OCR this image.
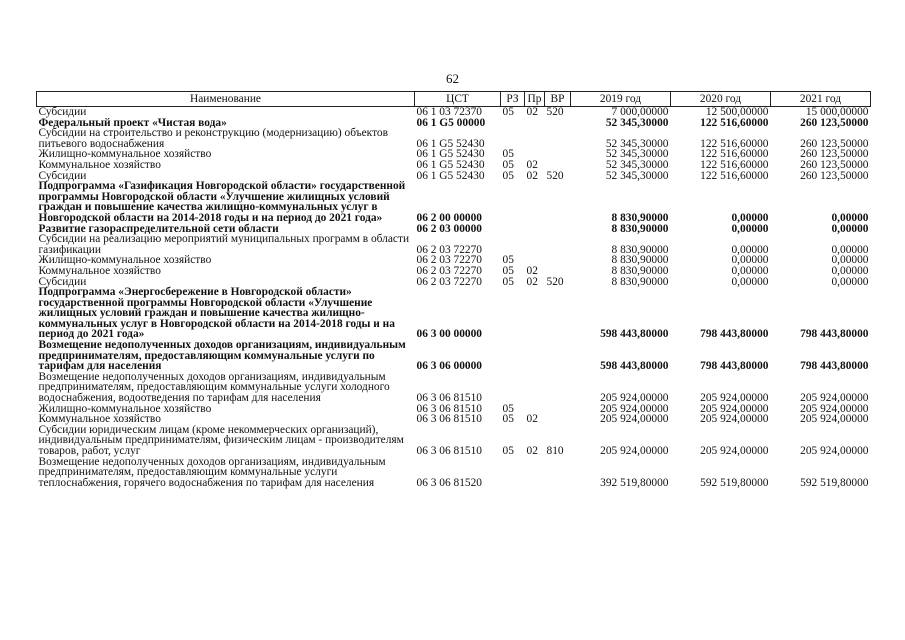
62
Наименование	ЦСТ	РЗ	Пр	ВР	2019 год	2020 год	2021 год
Субсидии	06 1 03 72370	05	02	520	7 000,00000	12 500,00000	15 000,00000
Федеральный проект «Чистая вода»	06 1 G5 00000				52 345,30000	122 516,60000	260 123,50000
Субсидии на строительство и реконструкцию (модернизацию) объектов питьевого водоснабжения	06 1 G5 52430				52 345,30000	122 516,60000	260 123,50000
Жилищно-коммунальное хозяйство	06 1 G5 52430	05			52 345,30000	122 516,60000	260 123,50000
Коммунальное хозяйство	06 1 G5 52430	05	02		52 345,30000	122 516,60000	260 123,50000
Субсидии	06 1 G5 52430	05	02	520	52 345,30000	122 516,60000	260 123,50000
Подпрограмма «Газификация Новгородской области» государственной программы Новгородской области «Улучшение жилищных условий граждан и повышение качества жилищно-коммунальных услуг в Новгородской области на 2014-2018 годы и на период до 2021 года»	06 2 00 00000				8 830,90000	0,00000	0,00000
Развитие газораспределительной сети области	06 2 03 00000				8 830,90000	0,00000	0,00000
Субсидии на реализацию мероприятий муниципальных программ в области газификации	06 2 03 72270				8 830,90000	0,00000	0,00000
Жилищно-коммунальное хозяйство	06 2 03 72270	05			8 830,90000	0,00000	0,00000
Коммунальное хозяйство	06 2 03 72270	05	02		8 830,90000	0,00000	0,00000
Субсидии	06 2 03 72270	05	02	520	8 830,90000	0,00000	0,00000
Подпрограмма «Энергосбережение в Новгородской области» государственной программы Новгородской области «Улучшение жилищных условий граждан и повышение качества жилищно-коммунальных услуг в Новгородской области на 2014-2018 годы и на период до 2021 года»	06 3 00 00000				598 443,80000	798 443,80000	798 443,80000
Возмещение недополученных доходов организациям, индивидуальным предпринимателям, предоставляющим коммунальные услуги по тарифам для населения	06 3 06 00000				598 443,80000	798 443,80000	798 443,80000
Возмещение недополученных доходов организациям, индивидуальным предпринимателям, предоставляющим коммунальные услуги холодного водоснабжения, водоотведения по тарифам для населения	06 3 06 81510				205 924,00000	205 924,00000	205 924,00000
Жилищно-коммунальное хозяйство	06 3 06 81510	05			205 924,00000	205 924,00000	205 924,00000
Коммунальное хозяйство	06 3 06 81510	05	02		205 924,00000	205 924,00000	205 924,00000
Субсидии юридическим лицам (кроме некоммерческих организаций), индивидуальным предпринимателям, физическим лицам - производителям товаров, работ, услуг	06 3 06 81510	05	02	810	205 924,00000	205 924,00000	205 924,00000
Возмещение недополученных доходов организациям, индивидуальным предпринимателям, предоставляющим коммунальные услуги теплоснабжения, горячего водоснабжения по тарифам для населения	06 3 06 81520				392 519,80000	592 519,80000	592 519,80000
